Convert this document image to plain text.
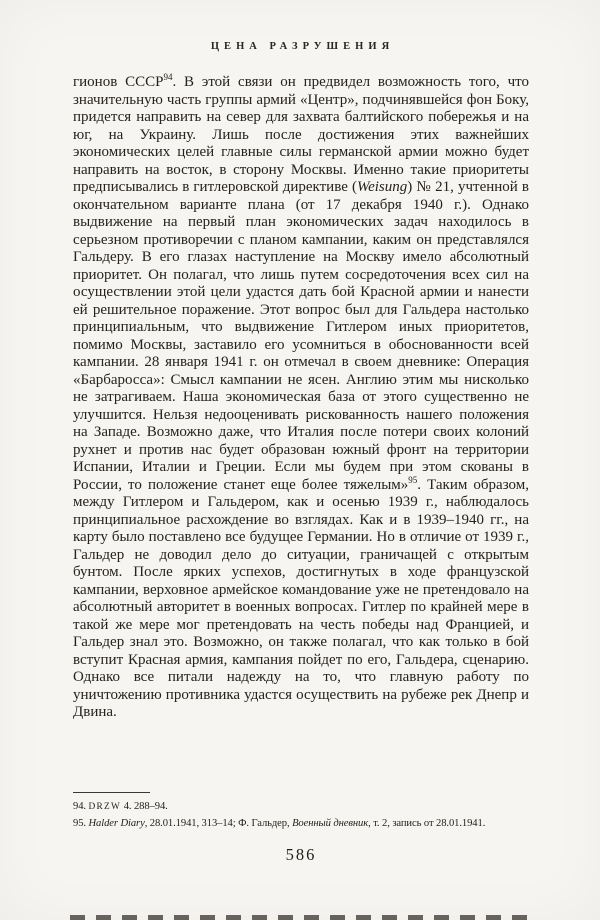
ЦЕНА РАЗРУШЕНИЯ
гионов СССР$^{94}$. В этой связи он предвидел возможность того, что значительную часть группы армий «Центр», подчинявшейся фон Боку, придется направить на север для захвата балтийского побережья и на юг, на Украину. Лишь после достижения этих важнейших экономических целей главные силы германской армии можно будет направить на восток, в сторону Москвы. Именно такие приоритеты предписывались в гитлеровской директиве (Weisung) № 21, учтенной в окончательном варианте плана (от 17 декабря 1940 г.). Однако выдвижение на первый план экономических задач находилось в серьезном противоречии с планом кампании, каким он представлялся Гальдеру. В его глазах наступление на Москву имело абсолютный приоритет. Он полагал, что лишь путем сосредоточения всех сил на осуществлении этой цели удастся дать бой Красной армии и нанести ей решительное поражение. Этот вопрос был для Гальдера настолько принципиальным, что выдвижение Гитлером иных приоритетов, помимо Москвы, заставило его усомниться в обоснованности всей кампании. 28 января 1941 г. он отмечал в своем дневнике: Операция «Барбаросса»: Смысл кампании не ясен. Англию этим мы нисколько не затрагиваем. Наша экономическая база от этого существенно не улучшится. Нельзя недооценивать рискованность нашего положения на Западе. Возможно даже, что Италия после потери своих колоний рухнет и против нас будет образован южный фронт на территории Испании, Италии и Греции. Если мы будем при этом скованы в России, то положение станет еще более тяжелым»$^{95}$. Таким образом, между Гитлером и Гальдером, как и осенью 1939 г., наблюдалось принципиальное расхождение во взглядах. Как и в 1939–1940 гг., на карту было поставлено все будущее Германии. Но в отличие от 1939 г., Гальдер не доводил дело до ситуации, граничащей с открытым бунтом. После ярких успехов, достигнутых в ходе французской кампании, верховное армейское командование уже не претендовало на абсолютный авторитет в военных вопросах. Гитлер по крайней мере в такой же мере мог претендовать на честь победы над Францией, и Гальдер знал это. Возможно, он также полагал, что как только в бой вступит Красная армия, кампания пойдет по его, Гальдера, сценарию. Однако все питали надежду на то, что главную работу по уничтожению противника удастся осуществить на рубеже рек Днепр и Двина.
94. DRZW 4. 288–94.
95. Halder Diary, 28.01.1941, 313–14; Ф. Гальдер, Военный дневник, т. 2, запись от 28.01.1941.
586
